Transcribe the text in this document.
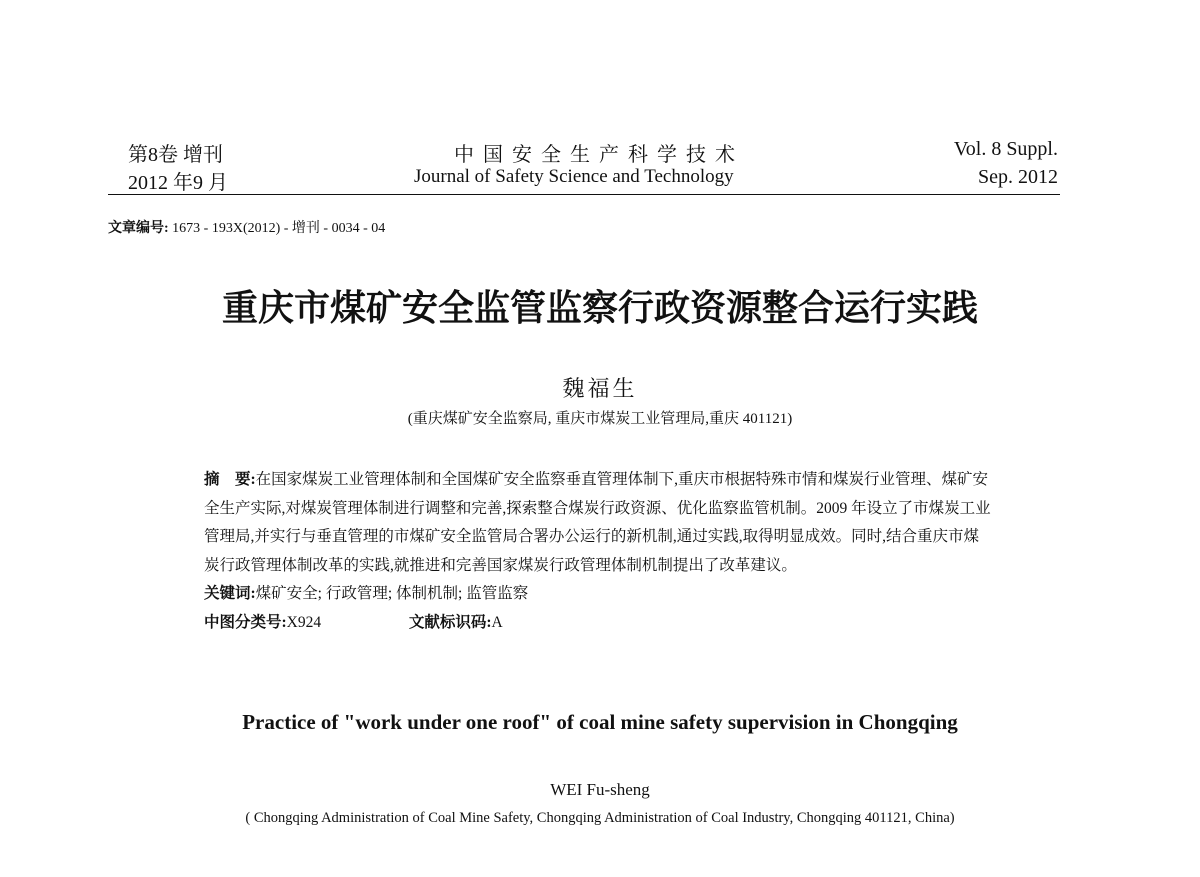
第8卷 增刊
2012 年9 月
中 国 安 全 生 产 科 学 技 术
Journal of Safety Science and Technology
Vol. 8 Suppl.
Sep. 2012
文章编号: 1673 - 193X(2012) - 增刊 - 0034 - 04
重庆市煤矿安全监管监察行政资源整合运行实践
魏福生
(重庆煤矿安全监察局, 重庆市煤炭工业管理局,重庆 401121)
摘　要:在国家煤炭工业管理体制和全国煤矿安全监察垂直管理体制下,重庆市根据特殊市情和煤炭行业管理、煤矿安全生产实际,对煤炭管理体制进行调整和完善,探索整合煤炭行政资源、优化监察监管机制。2009 年设立了市煤炭工业管理局,并实行与垂直管理的市煤矿安全监管局合署办公运行的新机制,通过实践,取得明显成效。同时,结合重庆市煤炭行政管理体制改革的实践,就推进和完善国家煤炭行政管理体制机制提出了改革建议。
关键词:煤矿安全; 行政管理; 体制机制; 监管监察
中图分类号:X924	文献标识码:A
Practice of "work under one roof" of coal mine safety supervision in Chongqing
WEI Fu-sheng
( Chongqing Administration of Coal Mine Safety, Chongqing Administration of Coal Industry, Chongqing 401121, China)
